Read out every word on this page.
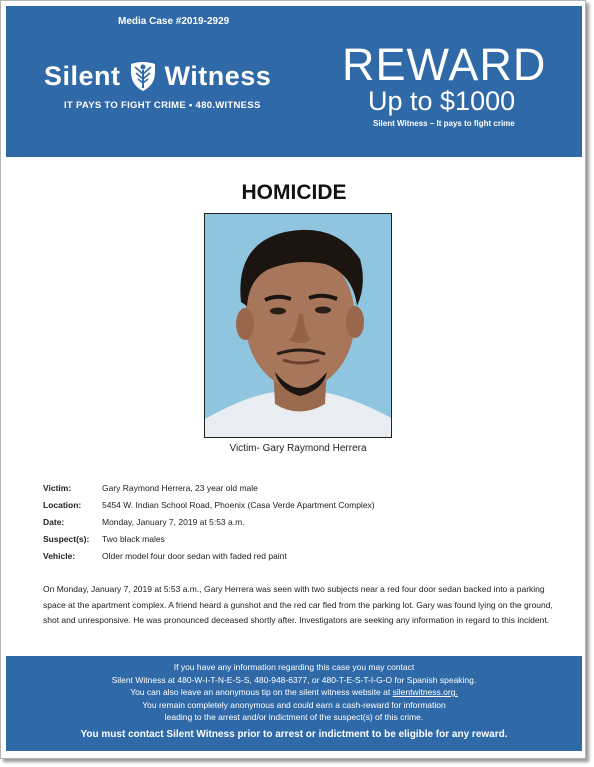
Media Case #2019-2929
Silent Witness
IT PAYS TO FIGHT CRIME • 480.WITNESS
REWARD
Up to $1000
Silent Witness – It pays to fight crime
HOMICIDE
Victim- Gary Raymond Herrera
Victim:	Gary Raymond Herrera, 23 year old male
Location: 5454 W. Indian School Road, Phoenix (Casa Verde Apartment Complex)
Date:	Monday, January 7, 2019 at 5:53 a.m.
Suspect(s): Two black males
Vehicle:	Older model four door sedan with faded red paint
On Monday, January 7, 2019 at 5:53 a.m., Gary Herrera was seen with two subjects near a red four door sedan backed into a parking space at the apartment complex. A friend heard a gunshot and the red car fled from the parking lot. Gary was found lying on the ground, shot and unresponsive. He was pronounced deceased shortly after. Investigators are seeking any information in regard to this incident.
If you have any information regarding this case you may contact
Silent Witness at 480-W-I-T-N-E-S-S, 480-948-6377, or 480-T-E-S-T-I-G-O for Spanish speaking.
You can also leave an anonymous tip on the silent witness website at silentwitness.org.
You remain completely anonymous and could earn a cash-reward for information
leading to the arrest and/or indictment of the suspect(s) of this crime.
You must contact Silent Witness prior to arrest or indictment to be eligible for any reward.
